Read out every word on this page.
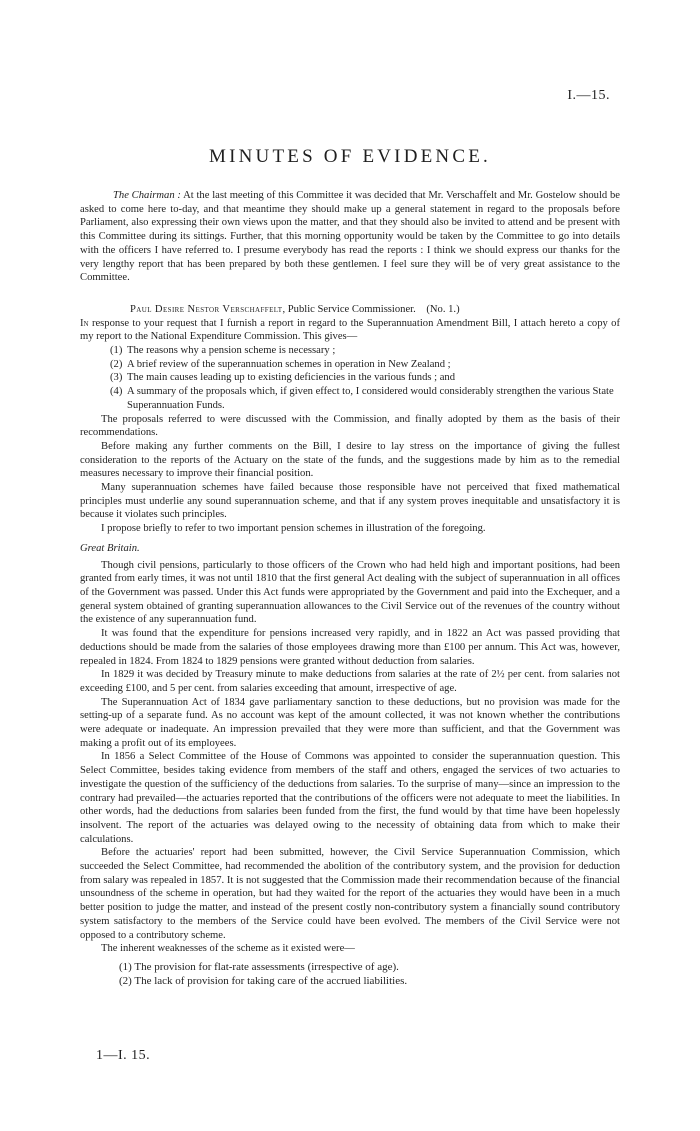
I.—15.
MINUTES OF EVIDENCE.

The Chairman : At the last meeting of this Committee it was decided that Mr. Verschaffelt and Mr. Gostelow should be asked to come here to-day, and that meantime they should make up a general statement in regard to the proposals before Parliament, also expressing their own views upon the matter, and that they should also be invited to attend and be present with this Committee during its sittings. Further, that this morning opportunity would be taken by the Committee to go into details with the officers I have referred to. I presume everybody has read the reports : I think we should express our thanks for the very lengthy report that has been prepared by both these gentlemen. I feel sure they will be of very great assistance to the Committee.

Paul Desire Nestor Verschaffelt, Public Service Commissioner. (No. 1.)

In response to your request that I furnish a report in regard to the Superannuation Amendment Bill, I attach hereto a copy of my report to the National Expenditure Commission. This gives—

(1) The reasons why a pension scheme is necessary ;
(2) A brief review of the superannuation schemes in operation in New Zealand ;
(3) The main causes leading up to existing deficiencies in the various funds ; and
(4) A summary of the proposals which, if given effect to, I considered would considerably strengthen the various State Superannuation Funds.

The proposals referred to were discussed with the Commission, and finally adopted by them as the basis of their recommendations.

Before making any further comments on the Bill, I desire to lay stress on the importance of giving the fullest consideration to the reports of the Actuary on the state of the funds, and the suggestions made by him as to the remedial measures necessary to improve their financial position.

Many superannuation schemes have failed because those responsible have not perceived that fixed mathematical principles must underlie any sound superannuation scheme, and that if any system proves inequitable and unsatisfactory it is because it violates such principles.

I propose briefly to refer to two important pension schemes in illustration of the foregoing.

Great Britain.

Though civil pensions, particularly to those officers of the Crown who had held high and important positions, had been granted from early times, it was not until 1810 that the first general Act dealing with the subject of superannuation in all offices of the Government was passed. Under this Act funds were appropriated by the Government and paid into the Exchequer, and a general system obtained of granting superannuation allowances to the Civil Service out of the revenues of the country without the existence of any superannuation fund.

It was found that the expenditure for pensions increased very rapidly, and in 1822 an Act was passed providing that deductions should be made from the salaries of those employees drawing more than £100 per annum. This Act was, however, repealed in 1824. From 1824 to 1829 pensions were granted without deduction from salaries.

In 1829 it was decided by Treasury minute to make deductions from salaries at the rate of 2½ per cent. from salaries not exceeding £100, and 5 per cent. from salaries exceeding that amount, irrespective of age.

The Superannuation Act of 1834 gave parliamentary sanction to these deductions, but no provision was made for the setting-up of a separate fund. As no account was kept of the amount collected, it was not known whether the contributions were adequate or inadequate. An impression prevailed that they were more than sufficient, and that the Government was making a profit out of its employees.

In 1856 a Select Committee of the House of Commons was appointed to consider the superannuation question. This Select Committee, besides taking evidence from members of the staff and others, engaged the services of two actuaries to investigate the question of the sufficiency of the deductions from salaries. To the surprise of many—since an impression to the contrary had prevailed—the actuaries reported that the contributions of the officers were not adequate to meet the liabilities. In other words, had the deductions from salaries been funded from the first, the fund would by that time have been hopelessly insolvent. The report of the actuaries was delayed owing to the necessity of obtaining data from which to make their calculations.

Before the actuaries' report had been submitted, however, the Civil Service Superannuation Commission, which succeeded the Select Committee, had recommended the abolition of the contributory system, and the provision for deduction from salary was repealed in 1857. It is not suggested that the Commission made their recommendation because of the financial unsoundness of the scheme in operation, but had they waited for the report of the actuaries they would have been in a much better position to judge the matter, and instead of the present costly non-contributory system a financially sound contributory system satisfactory to the members of the Service could have been evolved. The members of the Civil Service were not opposed to a contributory scheme.

The inherent weaknesses of the scheme as it existed were—

(1) The provision for flat-rate assessments (irrespective of age).
(2) The lack of provision for taking care of the accrued liabilities.
1—I. 15.
